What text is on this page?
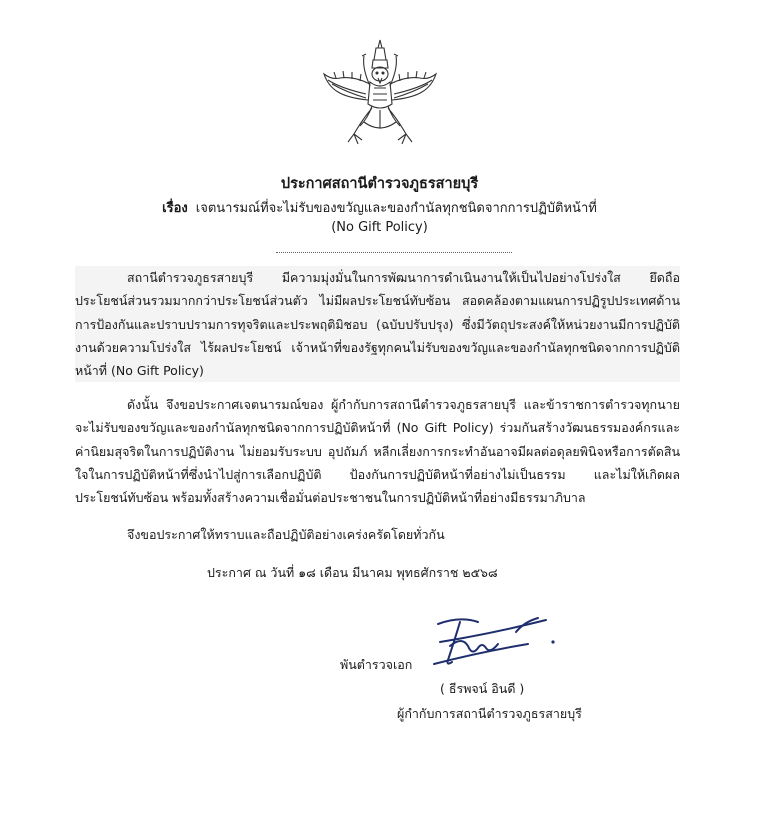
ประกาศสถานีตำรวจภูธรสายบุรี
เรื่อง เจตนารมณ์ที่จะไม่รับของขวัญและของกำนัลทุกชนิดจากการปฏิบัติหน้าที่
(No Gift Policy)

สถานีตำรวจภูธรสายบุรี มีความมุ่งมั่นในการพัฒนาการดำเนินงานให้เป็นไปอย่างโปร่งใส ยึดถือประโยชน์ส่วนรวมมากกว่าประโยชน์ส่วนตัว ไม่มีผลประโยชน์ทับซ้อน สอดคล้องตามแผนการปฏิรูปประเทศด้านการป้องกันและปราบปรามการทุจริตและประพฤติมิชอบ (ฉบับปรับปรุง) ซึ่งมีวัตถุประสงค์ให้หน่วยงานมีการปฏิบัติงานด้วยความโปร่งใส ไร้ผลประโยชน์ เจ้าหน้าที่ของรัฐทุกคนไม่รับของขวัญและของกำนัลทุกชนิดจากการปฏิบัติหน้าที่ (No Gift Policy)

ดังนั้น จึงขอประกาศเจตนารมณ์ของ ผู้กำกับการสถานีตำรวจภูธรสายบุรี และข้าราชการตำรวจทุกนายจะไม่รับของขวัญและของกำนัลทุกชนิดจากการปฏิบัติหน้าที่ (No Gift Policy) ร่วมกันสร้างวัฒนธรรมองค์กรและค่านิยมสุจริตในการปฏิบัติงาน ไม่ยอมรับระบบ อุปถัมภ์ หลีกเลี่ยงการกระทำอันอาจมีผลต่อดุลยพินิจหรือการตัดสินใจในการปฏิบัติหน้าที่ซึ่งนำไปสู่การเลือกปฏิบัติ ป้องกันการปฏิบัติหน้าที่อย่างไม่เป็นธรรม และไม่ให้เกิดผลประโยชน์ทับซ้อน พร้อมทั้งสร้างความเชื่อมั่นต่อประชาชนในการปฏิบัติหน้าที่อย่างมีธรรมาภิบาล

จึงขอประกาศให้ทราบและถือปฏิบัติอย่างเคร่งครัดโดยทั่วกัน
ประกาศ ณ วันที่ ๑๘ เดือน มีนาคม พุทธศักราช ๒๕๖๘
พันตำรวจเอก
( ธีรพจน์ อินดี )
ผู้กำกับการสถานีตำรวจภูธรสายบุรี
